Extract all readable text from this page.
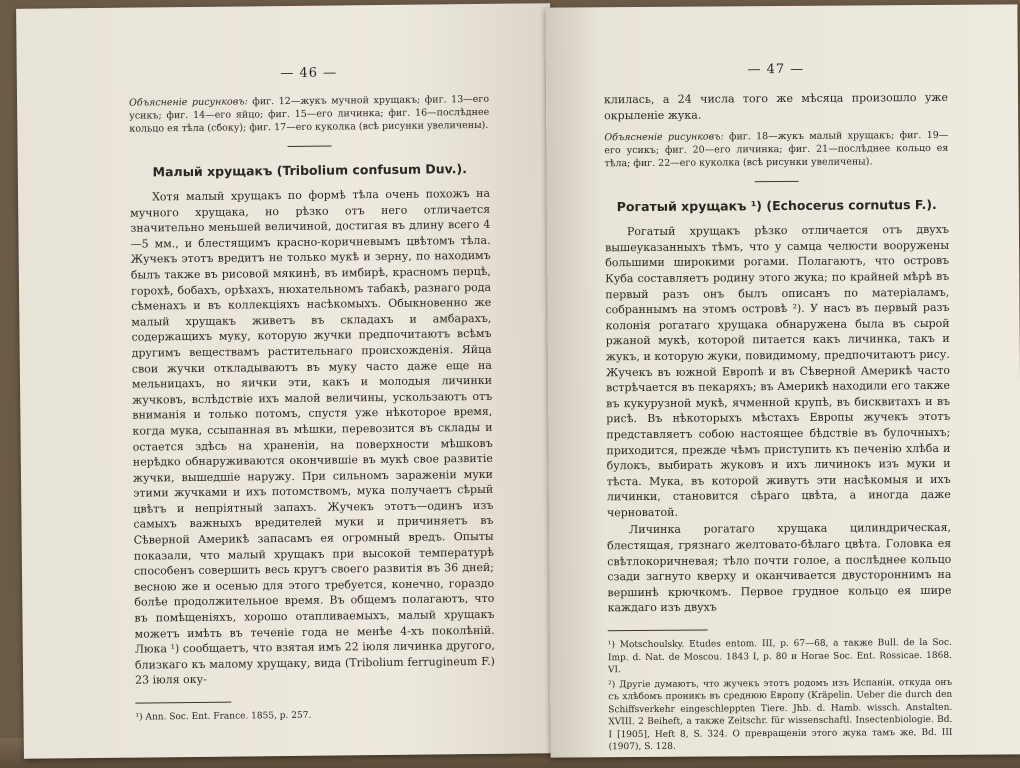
— 46 —

Объясненіе рисунковъ: фиг. 12—жукъ мучной хрущакъ; фиг. 13—его усикъ; фиг. 14—его яйцо; фиг. 15—его личинка; фиг. 16—послѣднее кольцо ея тѣла (сбоку); фиг. 17—его куколка (всѣ рисунки увеличены).

Малый хрущакъ (Tribolium confusum Duv.).

Хотя малый хрущакъ по формѣ тѣла очень похожъ на мучного хрущака, но рѣзко отъ него отличается значительно меньшей величиной, достигая въ длину всего 4—5 мм., и блестящимъ красно-коричневымъ цвѣтомъ тѣла. Жучекъ этотъ вредитъ не только мукѣ и зерну, по находимъ былъ также въ рисовой мякинѣ, въ имбирѣ, красномъ перцѣ, горохѣ, бобахъ, орѣхахъ, нюхательномъ табакѣ, разнаго рода сѣменахъ и въ коллекціяхъ насѣкомыхъ. Обыкновенно же малый хрущакъ живетъ въ складахъ и амбарахъ, содержащихъ муку, которую жучки предпочитаютъ всѣмъ другимъ веществамъ растительнаго происхожденія. Яйца свои жучки откладываютъ въ муку часто даже еще на мельницахъ, но яички эти, какъ и молодыя личинки жучковъ, вслѣдствіе ихъ малой величины, ускользаютъ отъ вниманія и только потомъ, спустя уже нѣкоторое время, когда мука, ссыпанная въ мѣшки, перевозится въ склады и остается здѣсь на храненіи, на поверхности мѣшковъ нерѣдко обнаруживаются окончившіе въ мукѣ свое развитіе жучки, вышедшіе наружу. При сильномъ зараженіи муки этими жучками и ихъ потомствомъ, мука получаетъ сѣрый цвѣтъ и непріятный запахъ. Жучекъ этотъ—одинъ изъ самыхъ важныхъ вредителей муки и причиняетъ въ Сѣверной Америкѣ запасамъ ея огромный вредъ. Опыты показали, что малый хрущакъ при высокой температурѣ способенъ совершить весь кругъ своего развитія въ 36 дней; весною же и осенью для этого требуется, конечно, гораздо болѣе продолжительное время. Въ общемъ полагаютъ, что въ помѣщеніяхъ, хорошо отапливаемыхъ, малый хрущакъ можетъ имѣть въ теченіе года не менѣе 4-хъ поколѣній. Люка ¹) сообщаетъ, что взятая имъ 22 іюля личинка другого, близкаго къ малому хрущаку, вида (Tribolium ferrugineum F.) 23 іюля оку-

¹) Ann. Soc. Ent. France. 1855, p. 257.

— 47 —

клилась, а 24 числа того же мѣсяца произошло уже окрыленіе жука.

Объясненіе рисунковъ: фиг. 18—жукъ малый хрущакъ; фиг. 19—его усикъ; фиг. 20—его личинка; фиг. 21—послѣднее кольцо ея тѣла; фиг. 22—его куколка (всѣ рисунки увеличены).

Рогатый хрущакъ ¹) (Echocerus cornutus F.).

Рогатый хрущакъ рѣзко отличается отъ двухъ вышеуказанныхъ тѣмъ, что у самца челюсти вооружены большими широкими рогами. Полагаютъ, что островъ Куба составляетъ родину этого жука; по крайней мѣрѣ въ первый разъ онъ былъ описанъ по матеріаламъ, собраннымъ на этомъ островѣ ²). У насъ въ первый разъ колонія рогатаго хрущака обнаружена была въ сырой ржаной мукѣ, которой питается какъ личинка, такъ и жукъ, и которую жуки, повидимому, предпочитаютъ рису. Жучекъ въ южной Европѣ и въ Сѣверной Америкѣ часто встрѣчается въ пекаряхъ; въ Америкѣ находили его также въ кукурузной мукѣ, ячменной крупѣ, въ бисквитахъ и въ рисѣ. Въ нѣкоторыхъ мѣстахъ Европы жучекъ этотъ представляетъ собою настоящее бѣдствіе въ булочныхъ; приходится, прежде чѣмъ приступить къ печенію хлѣба и булокъ, выбирать жуковъ и ихъ личинокъ изъ муки и тѣста. Мука, въ которой живутъ эти насѣкомыя и ихъ личинки, становится сѣраго цвѣта, а иногда даже черноватой.

Личинка рогатаго хрущака цилиндрическая, блестящая, грязнаго желтовато-бѣлаго цвѣта. Головка ея свѣтлокоричневая; тѣло почти голое, а послѣднее кольцо сзади загнуто кверху и оканчивается двустороннимъ на вершинѣ крючкомъ. Первое грудное кольцо ея шире каждаго изъ двухъ

¹) Motschoulsky. Etudes entom. III, p. 67—68, а также Bull. de la Soc. Imp. d. Nat. de Moscou. 1843 I, p. 80 и Horae Soc. Ent. Rossicae. 1868. VI.

²) Другіе думаютъ, что жучекъ этотъ родомъ изъ Испаніи, откуда онъ съ хлѣбомъ проникъ въ среднюю Европу (Kräpelin. Ueber die durch den Schiffsverkehr eingeschleppten Tiere. Jhb. d. Hamb. wissch. Anstalten. XVIII. 2 Beiheft, а также Zeitschr. für wissenschaftl. Insectenbiologie. Bd. I [1905], Heft 8, S. 324. О превращеніи этого жука тамъ же, Bd. III (1907), S. 128.
